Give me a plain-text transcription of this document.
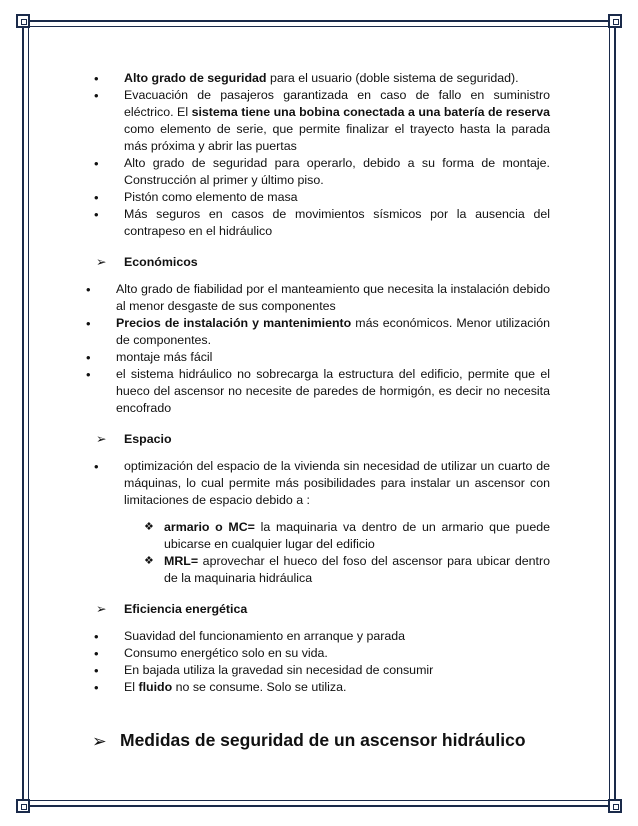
• Alto grado de seguridad para el usuario (doble sistema de seguridad).
• Evacuación de pasajeros garantizada en caso de fallo en suministro eléctrico. El sistema tiene una bobina conectada a una batería de reserva como elemento de serie, que permite finalizar el trayecto hasta la parada más próxima y abrir las puertas
• Alto grado de seguridad para operarlo, debido a su forma de montaje. Construcción al primer y último piso.
• Pistón como elemento de masa
• Más seguros en casos de movimientos sísmicos por la ausencia del contrapeso en el hidráulico
➢ Económicos
• Alto grado de fiabilidad por el manteamiento que necesita la instalación debido al menor desgaste de sus componentes
• Precios de instalación y mantenimiento más económicos. Menor utilización de componentes.
• montaje más fácil
• el sistema hidráulico no sobrecarga la estructura del edificio, permite que el hueco del ascensor no necesite de paredes de hormigón, es decir no necesita encofrado
➢ Espacio
• optimización del espacio de la vivienda sin necesidad de utilizar un cuarto de máquinas, lo cual permite más posibilidades para instalar un ascensor con limitaciones de espacio debido a :
❖ armario o MC= la maquinaria va dentro de un armario que puede ubicarse en cualquier lugar del edificio
❖ MRL= aprovechar el hueco del foso del ascensor para ubicar dentro de la maquinaria hidráulica
➢ Eficiencia energética
• Suavidad del funcionamiento en arranque y parada
• Consumo energético solo en su vida.
• En bajada utiliza la gravedad sin necesidad de consumir
• El fluido no se consume. Solo se utiliza.
➢ Medidas de seguridad de un ascensor hidráulico
